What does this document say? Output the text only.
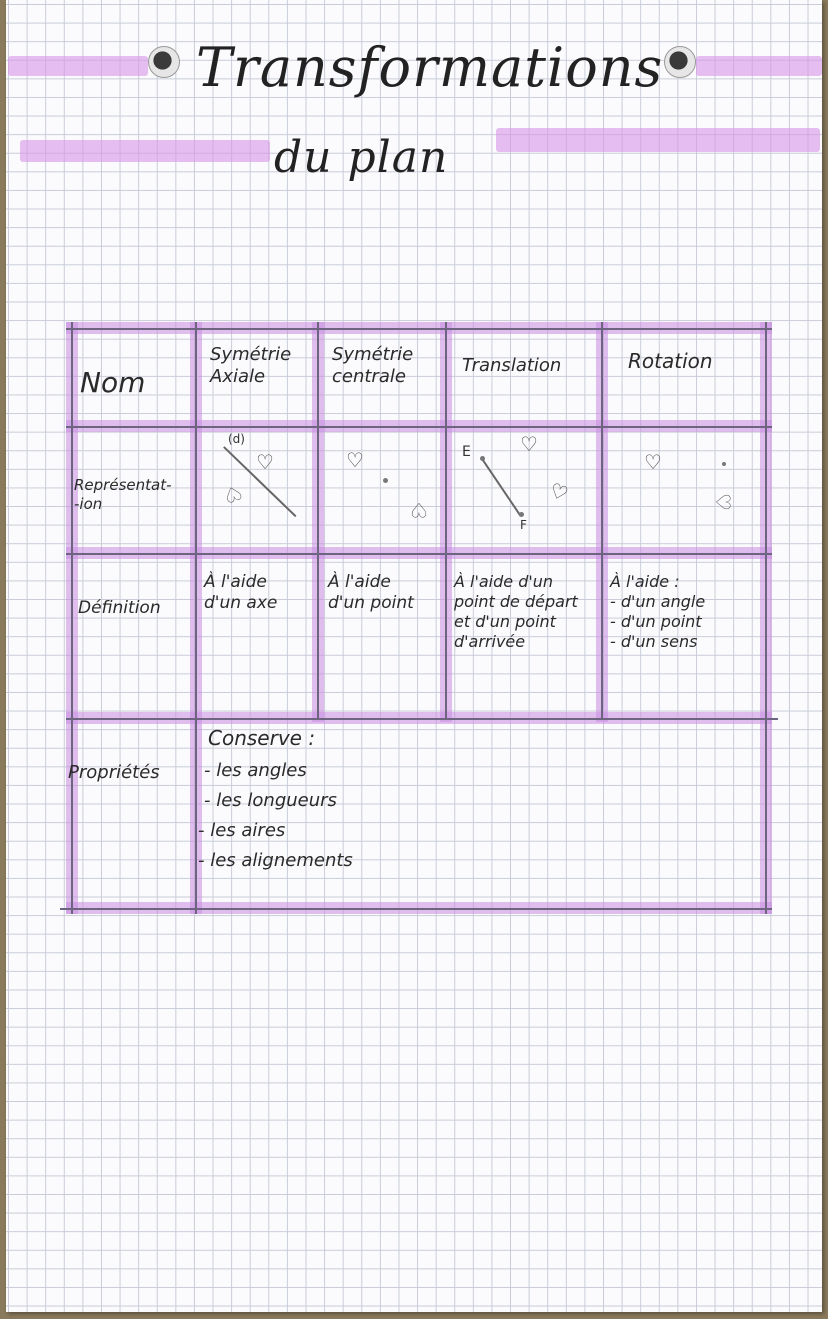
Transformations
du plan
Nom
Représentat-
-ion
Définition
Propriétés
Symétrie
Axiale
Symétrie
centrale
Translation	Rotation
(d)
♡
♡
♡
♡
E
F
♡
♡
♡
♡
À l'aide
d'un axe
À l'aide
d'un point
À l'aide d'un
point de départ
et d'un point
d'arrivée
À l'aide :
- d'un angle
- d'un point
- d'un sens
Conserve :
- les angles
- les longueurs
- les aires
- les alignements
